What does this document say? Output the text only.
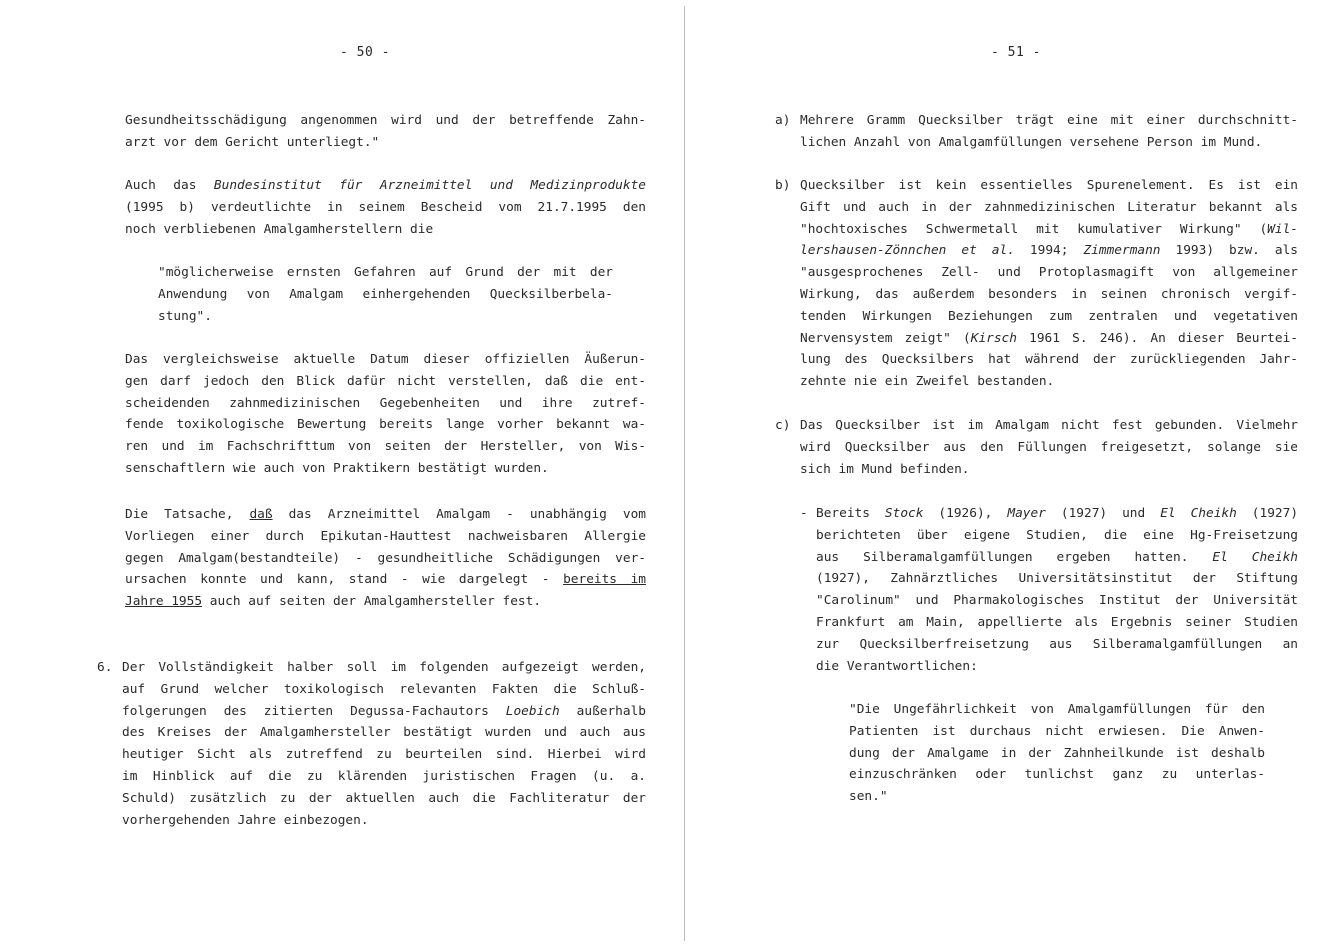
- 50 -

Gesundheitsschädigung angenommen wird und der betreffende Zahn-
arzt vor dem Gericht unterliegt."

Auch das Bundesinstitut für Arzneimittel und Medizinprodukte
(1995 b) verdeutlichte in seinem Bescheid vom 21.7.1995 den
noch verbliebenen Amalgamherstellern die

"möglicherweise ernsten Gefahren auf Grund der mit der
Anwendung von Amalgam einhergehenden Quecksilberbela-
stung".

Das vergleichsweise aktuelle Datum dieser offiziellen Äußerun-
gen darf jedoch den Blick dafür nicht verstellen, daß die ent-
scheidenden zahnmedizinischen Gegebenheiten und ihre zutref-
fende toxikologische Bewertung bereits lange vorher bekannt wa-
ren und im Fachschrifttum von seiten der Hersteller, von Wis-
senschaftlern wie auch von Praktikern bestätigt wurden.

Die Tatsache, daß das Arzneimittel Amalgam - unabhängig vom
Vorliegen einer durch Epikutan-Hauttest nachweisbaren Allergie
gegen Amalgam(bestandteile) - gesundheitliche Schädigungen ver-
ursachen konnte und kann, stand - wie dargelegt - bereits im
Jahre 1955 auch auf seiten der Amalgamhersteller fest.

6. Der Vollständigkeit halber soll im folgenden aufgezeigt werden,
auf Grund welcher toxikologisch relevanten Fakten die Schluß-
folgerungen des zitierten Degussa-Fachautors Loebich außerhalb
des Kreises der Amalgamhersteller bestätigt wurden und auch aus
heutiger Sicht als zutreffend zu beurteilen sind. Hierbei wird
im Hinblick auf die zu klärenden juristischen Fragen (u. a.
Schuld) zusätzlich zu der aktuellen auch die Fachliteratur der
vorhergehenden Jahre einbezogen.

- 51 -
a) Mehrere Gramm Quecksilber trägt eine mit einer durchschnitt-
lichen Anzahl von Amalgamfüllungen versehene Person im Mund.

b) Quecksilber ist kein essentielles Spurenelement. Es ist ein
Gift und auch in der zahnmedizinischen Literatur bekannt als
"hochtoxisches Schwermetall mit kumulativer Wirkung" (Wil-
lershausen-Zönnchen et al. 1994; Zimmermann 1993) bzw. als
"ausgesprochenes Zell- und Protoplasmagift von allgemeiner
Wirkung, das außerdem besonders in seinen chronisch vergif-
tenden Wirkungen Beziehungen zum zentralen und vegetativen
Nervensystem zeigt" (Kirsch 1961 S. 246). An dieser Beurtei-
lung des Quecksilbers hat während der zurückliegenden Jahr-
zehnte nie ein Zweifel bestanden.

c) Das Quecksilber ist im Amalgam nicht fest gebunden. Vielmehr
wird Quecksilber aus den Füllungen freigesetzt, solange sie
sich im Mund befinden.

- Bereits Stock (1926), Mayer (1927) und El Cheikh (1927)
berichteten über eigene Studien, die eine Hg-Freisetzung
aus Silberamalgamfüllungen ergeben hatten. El Cheikh
(1927), Zahnärztliches Universitätsinstitut der Stiftung
"Carolinum" und Pharmakologisches Institut der Universität
Frankfurt am Main, appellierte als Ergebnis seiner Studien
zur Quecksilberfreisetzung aus Silberamalgamfüllungen an
die Verantwortlichen:

"Die Ungefährlichkeit von Amalgamfüllungen für den
Patienten ist durchaus nicht erwiesen. Die Anwen-
dung der Amalgame in der Zahnheilkunde ist deshalb
einzuschränken oder tunlichst ganz zu unterlas-
sen."
